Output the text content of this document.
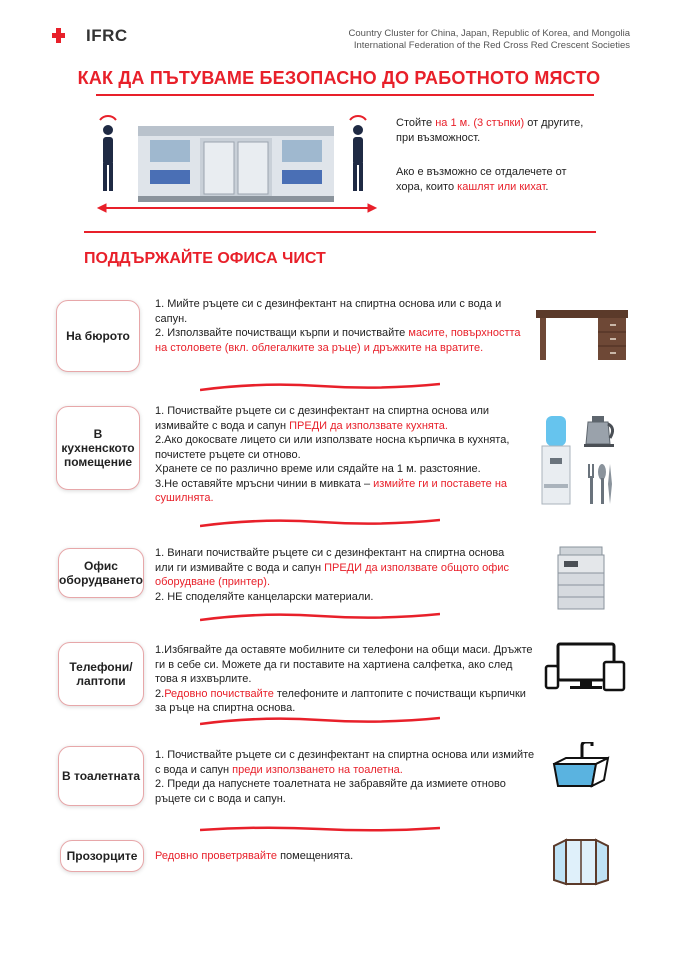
IFRC	Country Cluster for China, Japan, Republic of Korea, and Mongolia
International Federation of the Red Cross Red Crescent Societies
КАК ДА ПЪТУВАМЕ БЕЗОПАСНО ДО РАБОТНОТО МЯСТО
Стойте на 1 м. (3 стъпки) от другите, при възможност.
Ако е възможно се отдалечете от хора, които кашлят или кихат.
ПОДДЪРЖАЙТЕ ОФИСА ЧИСТ
На бюрото

1. Мийте ръцете си с дезинфектант на спиртна основа или с вода и сапун.

2. Използвайте почистващи кърпи и почиствайте масите, повърхността на столовете (вкл. облегалките за ръце) и дръжките на вратите.

В кухненското помещение

1. Почиствайте ръцете си с дезинфектант на спиртна основа или измивайте с вода и сапун ПРЕДИ да използвате кухнята.

2.Ако докосвате лицето си или използвате носна кърпичка в кухнята, почистете ръцете си отново.

Хранете се по различно време или сядайте на 1 м. разстояние.

3.Не оставяйте мръсни чинии в мивката – измийте ги и поставете на сушилнята.

Офис оборудването

1. Винаги почиствайте ръцете си с дезинфектант на спиртна основа или ги измивайте с вода и сапун ПРЕДИ да използвате общото офис оборудване (принтер).

2. НЕ споделяйте канцеларски материали.

Телефони/ лаптопи

1.Избягвайте да оставяте мобилните си телефони на общи маси. Дръжте ги в себе си. Можете да ги поставите на хартиена салфетка, ако след това я изхвърлите.

2.Редовно почиствайте телефоните и лаптопите с почистващи кърпички за ръце на спиртна основа.

В тоалетната

1. Почиствайте ръцете си с дезинфектант на спиртна основа или измийте с вода и сапун преди използването на тоалетна.

2. Преди да напуснете тоалетната не забравяйте да измиете отново ръцете си с вода и сапун.

Прозорците	Редовно проветрявайте помещенията.
